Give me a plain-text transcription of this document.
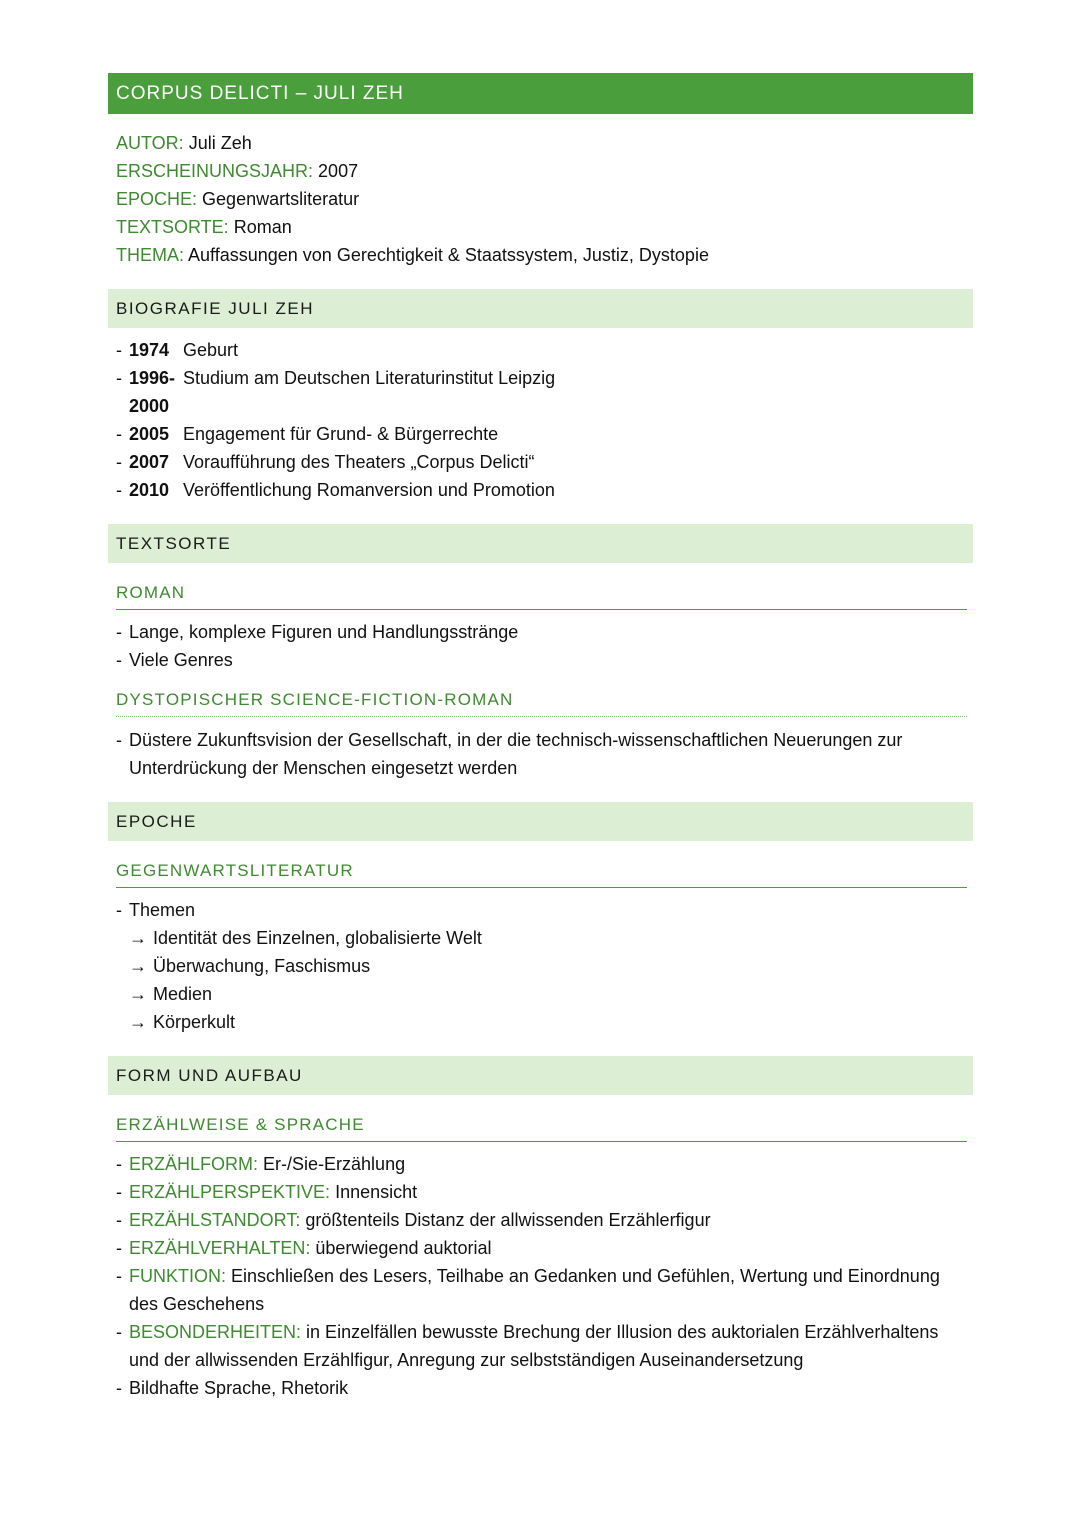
CORPUS DELICTI – JULI ZEH
AUTOR: Juli Zeh
ERSCHEINUNGSJAHR: 2007
EPOCHE: Gegenwartsliteratur
TEXTSORTE: Roman
THEMA: Auffassungen von Gerechtigkeit & Staatssystem, Justiz, Dystopie
BIOGRAFIE JULI ZEH
- 1974 Geburt
- 1996- Studium am Deutschen Literaturinstitut Leipzig
2000
- 2005 Engagement für Grund- & Bürgerrechte
- 2007 Voraufführung des Theaters „Corpus Delicti“
- 2010 Veröffentlichung Romanversion und Promotion
TEXTSORTE
ROMAN
- Lange, komplexe Figuren und Handlungsstränge
- Viele Genres
DYSTOPISCHER SCIENCE-FICTION-ROMAN
- Düstere Zukunftsvision der Gesellschaft, in der die technisch-wissenschaftlichen Neuerungen zur Unterdrückung der Menschen eingesetzt werden
EPOCHE
GEGENWARTSLITERATUR
- Themen
→ Identität des Einzelnen, globalisierte Welt
→ Überwachung, Faschismus
→ Medien
→ Körperkult
FORM UND AUFBAU
ERZÄHLWEISE & SPRACHE
- ERZÄHLFORM: Er-/Sie-Erzählung
- ERZÄHLPERSPEKTIVE: Innensicht
- ERZÄHLSTANDORT: größtenteils Distanz der allwissenden Erzählerfigur
- ERZÄHLVERHALTEN: überwiegend auktorial
- FUNKTION: Einschließen des Lesers, Teilhabe an Gedanken und Gefühlen, Wertung und Einordnung des Geschehens
- BESONDERHEITEN: in Einzelfällen bewusste Brechung der Illusion des auktorialen Erzählverhaltens und der allwissenden Erzählfigur, Anregung zur selbstständigen Auseinandersetzung
- Bildhafte Sprache, Rhetorik
